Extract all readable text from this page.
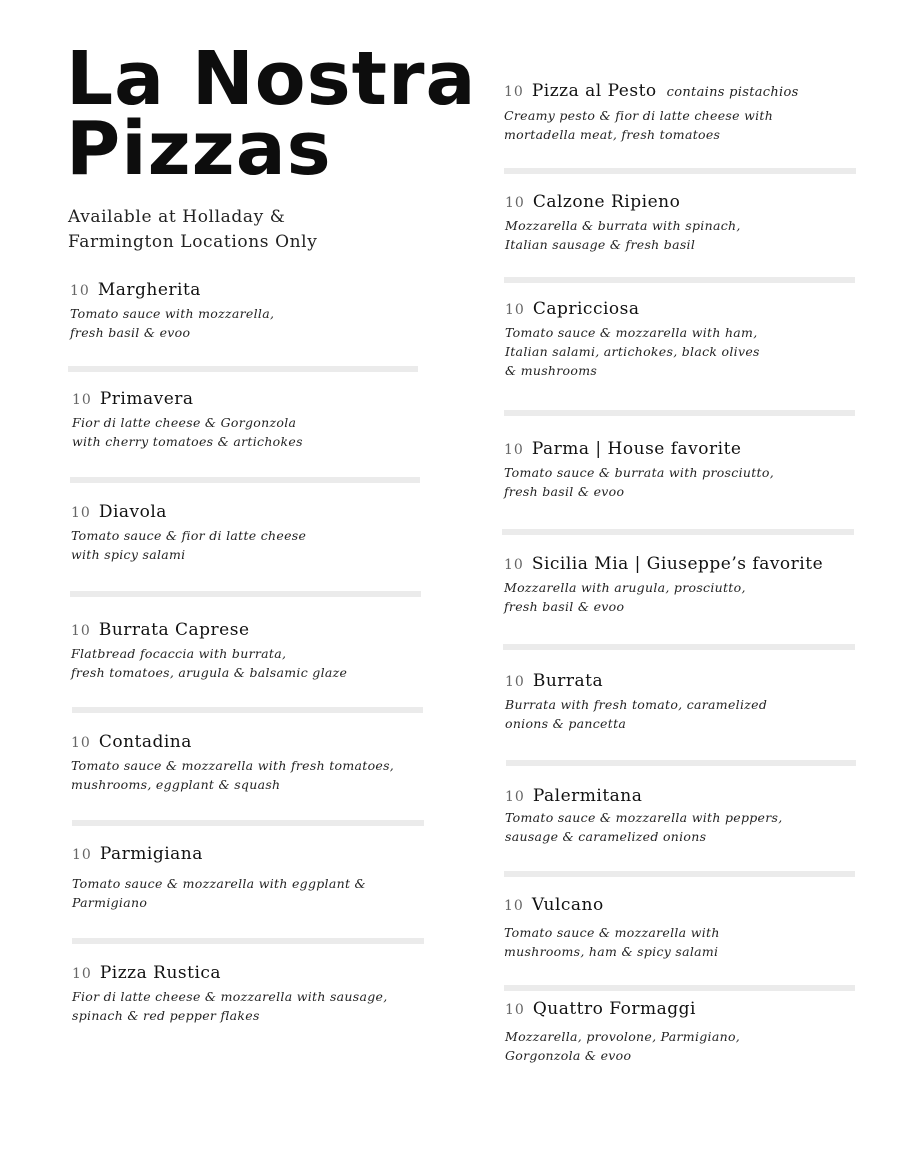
La Nostra
Pizzas

Available at Holladay &
Farmington Locations Only

10 Margherita
Tomato sauce with mozzarella,
fresh basil & evoo
10 Primavera
Fior di latte cheese & Gorgonzola
with cherry tomatoes & artichokes
10 Diavola
Tomato sauce & fior di latte cheese
with spicy salami
10 Burrata Caprese
Flatbread focaccia with burrata,
fresh tomatoes, arugula & balsamic glaze
10 Contadina
Tomato sauce & mozzarella with fresh tomatoes,
mushrooms, eggplant & squash
10 Parmigiana
Tomato sauce & mozzarella with eggplant &
Parmigiano
10 Pizza Rustica
Fior di latte cheese & mozzarella with sausage,
spinach & red pepper flakes
10 Pizza al Pesto contains pistachios
Creamy pesto & fior di latte cheese with
mortadella meat, fresh tomatoes
10 Calzone Ripieno
Mozzarella & burrata with spinach,
Italian sausage & fresh basil
10 Capricciosa
Tomato sauce & mozzarella with ham,
Italian salami, artichokes, black olives
& mushrooms
10 Parma | House favorite
Tomato sauce & burrata with prosciutto,
fresh basil & evoo
10 Sicilia Mia | Giuseppe’s favorite
Mozzarella with arugula, prosciutto,
fresh basil & evoo
10 Burrata
Burrata with fresh tomato, caramelized
onions & pancetta
10 Palermitana
Tomato sauce & mozzarella with peppers,
sausage & caramelized onions
10 Vulcano
Tomato sauce & mozzarella with
mushrooms, ham & spicy salami
10 Quattro Formaggi
Mozzarella, provolone, Parmigiano,
Gorgonzola & evoo
